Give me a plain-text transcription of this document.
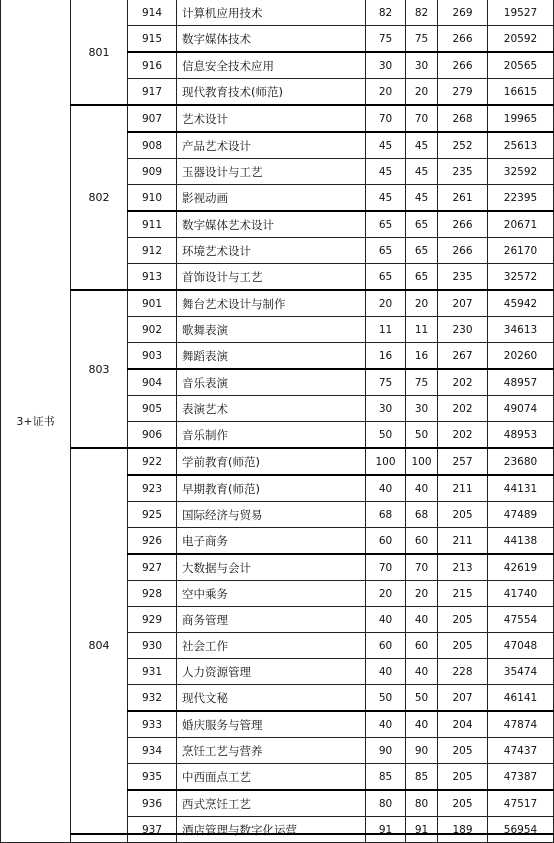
3+证书	801	914	计算机应用技术	82	82	269	19527
		915	数字媒体技术	75	75	266	20592
		916	信息安全技术应用	30	30	266	20565
		917	现代教育技术(师范)	20	20	279	16615
	802	907	艺术设计	70	70	268	19965
		908	产品艺术设计	45	45	252	25613
		909	玉器设计与工艺	45	45	235	32592
		910	影视动画	45	45	261	22395
		911	数字媒体艺术设计	65	65	266	20671
		912	环境艺术设计	65	65	266	26170
		913	首饰设计与工艺	65	65	235	32572
	803	901	舞台艺术设计与制作	20	20	207	45942
		902	歌舞表演	11	11	230	34613
		903	舞蹈表演	16	16	267	20260
		904	音乐表演	75	75	202	48957
		905	表演艺术	30	30	202	49074
		906	音乐制作	50	50	202	48953
	804	922	学前教育(师范)	100	100	257	23680
		923	早期教育(师范)	40	40	211	44131
		925	国际经济与贸易	68	68	205	47489
		926	电子商务	60	60	211	44138
		927	大数据与会计	70	70	213	42619
		928	空中乘务	20	20	215	41740
		929	商务管理	40	40	205	47554
		930	社会工作	60	60	205	47048
		931	人力资源管理	40	40	228	35474
		932	现代文秘	50	50	207	46141
		933	婚庆服务与管理	40	40	204	47874
		934	烹饪工艺与营养	90	90	205	47437
		935	中西面点工艺	85	85	205	47387
		936	西式烹饪工艺	80	80	205	47517
		937	酒店管理与数字化运营	91	91	189	56954
